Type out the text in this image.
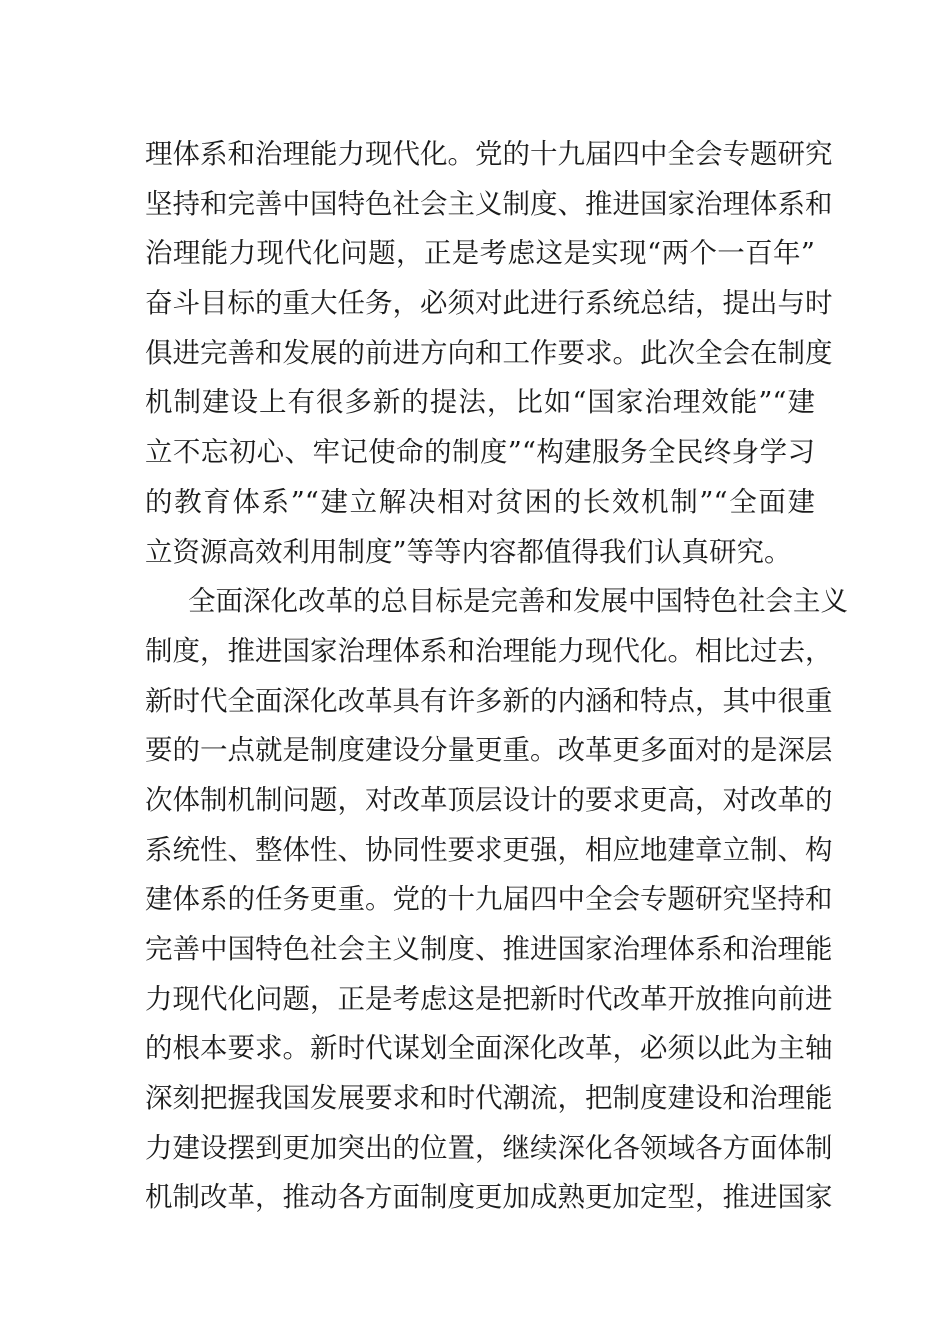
理体系和治理能力现代化。党的十九届四中全会专题研究
坚持和完善中国特色社会主义制度、推进国家治理体系和
治理能力现代化问题，正是考虑这是实现“两个一百年”
奋斗目标的重大任务，必须对此进行系统总结，提出与时
俱进完善和发展的前进方向和工作要求。此次全会在制度
机制建设上有很多新的提法，比如“国家治理效能”“建
立不忘初心、牢记使命的制度”“构建服务全民终身学习
的教育体系”“建立解决相对贫困的长效机制”“全面建
立资源高效利用制度”等等内容都值得我们认真研究。
全面深化改革的总目标是完善和发展中国特色社会主义
制度，推进国家治理体系和治理能力现代化。相比过去，
新时代全面深化改革具有许多新的内涵和特点，其中很重
要的一点就是制度建设分量更重。改革更多面对的是深层
次体制机制问题，对改革顶层设计的要求更高，对改革的
系统性、整体性、协同性要求更强，相应地建章立制、构
建体系的任务更重。党的十九届四中全会专题研究坚持和
完善中国特色社会主义制度、推进国家治理体系和治理能
力现代化问题，正是考虑这是把新时代改革开放推向前进
的根本要求。新时代谋划全面深化改革，必须以此为主轴
深刻把握我国发展要求和时代潮流，把制度建设和治理能
力建设摆到更加突出的位置，继续深化各领域各方面体制
机制改革，推动各方面制度更加成熟更加定型，推进国家
